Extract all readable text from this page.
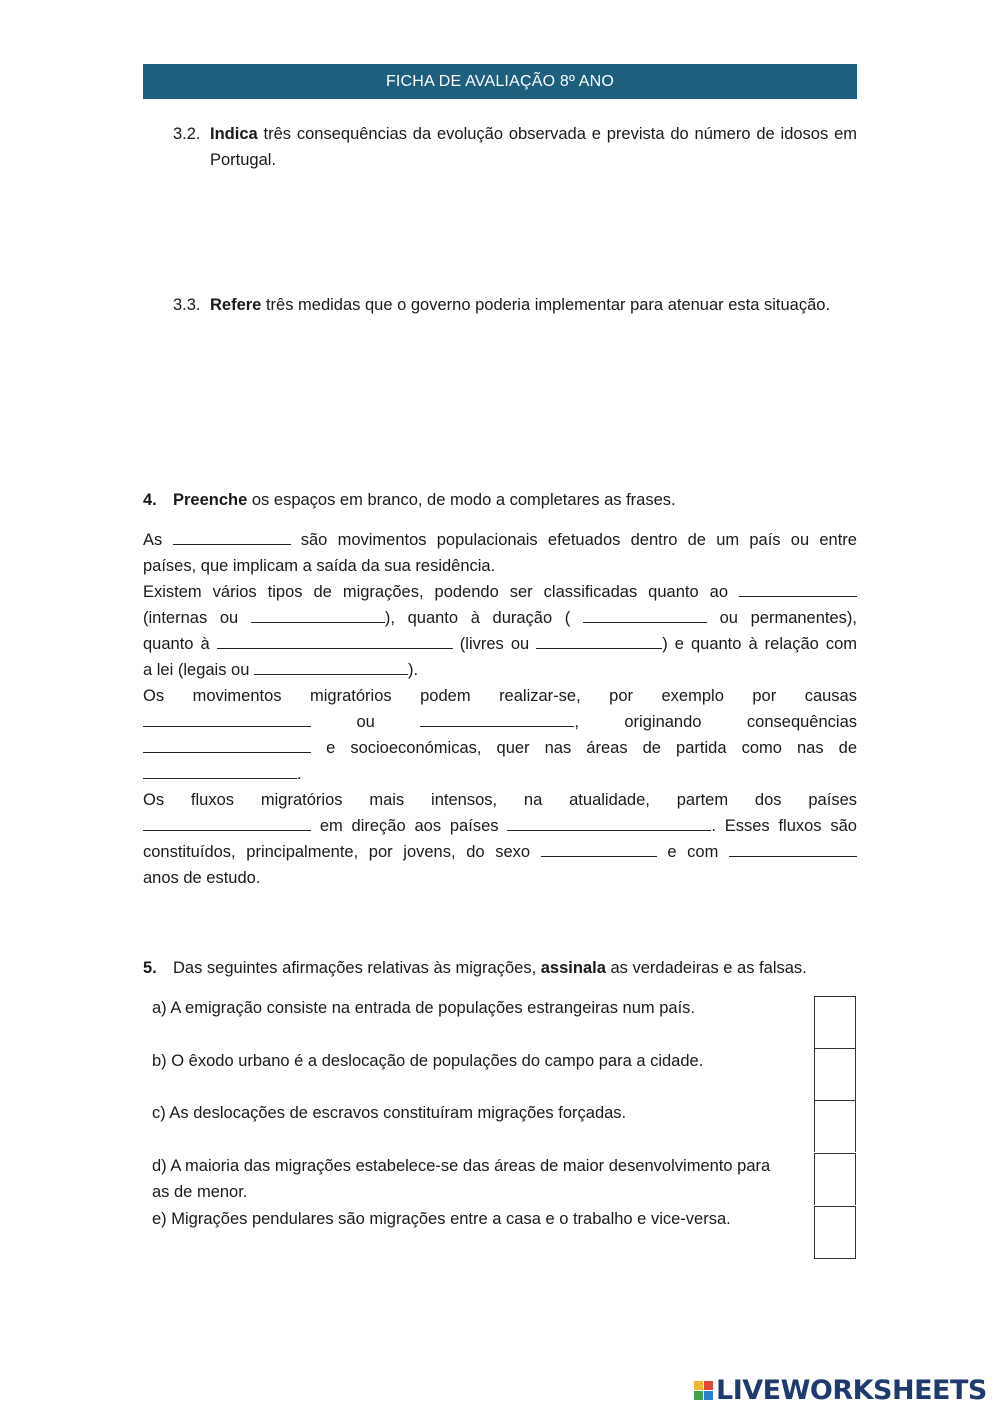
FICHA DE AVALIAÇÃO 8º ANO
3.2. Indica três consequências da evolução observada e prevista do número de idosos em Portugal.
3.3. Refere três medidas que o governo poderia implementar para atenuar esta situação.
4. Preenche os espaços em branco, de modo a completares as frases.
As	são movimentos populacionais efetuados dentro de um país ou entre
países, que implicam a saída da sua residência.
Existem vários tipos de migrações, podendo ser classificadas quanto ao
(internas ou	), quanto à duração (	ou permanentes),
quanto à	(livres ou	) e quanto à relação com
a lei (legais ou	).
Os movimentos migratórios podem realizar-se, por exemplo por causas
ou	, originando consequências
e socioeconómicas, quer nas áreas de partida como nas de
.
Os fluxos migratórios mais intensos, na atualidade, partem dos países
em direção aos países	. Esses fluxos são
constituídos, principalmente, por jovens, do sexo	e com
anos de estudo.
5. Das seguintes afirmações relativas às migrações, assinala as verdadeiras e as falsas.
a) A emigração consiste na entrada de populações estrangeiras num país.
b) O êxodo urbano é a deslocação de populações do campo para a cidade.
c) As deslocações de escravos constituíram migrações forçadas.
d) A maioria das migrações estabelece-se das áreas de maior desenvolvimento para as de menor.
e) Migrações pendulares são migrações entre a casa e o trabalho e vice-versa.
LIVEWORKSHEETS
